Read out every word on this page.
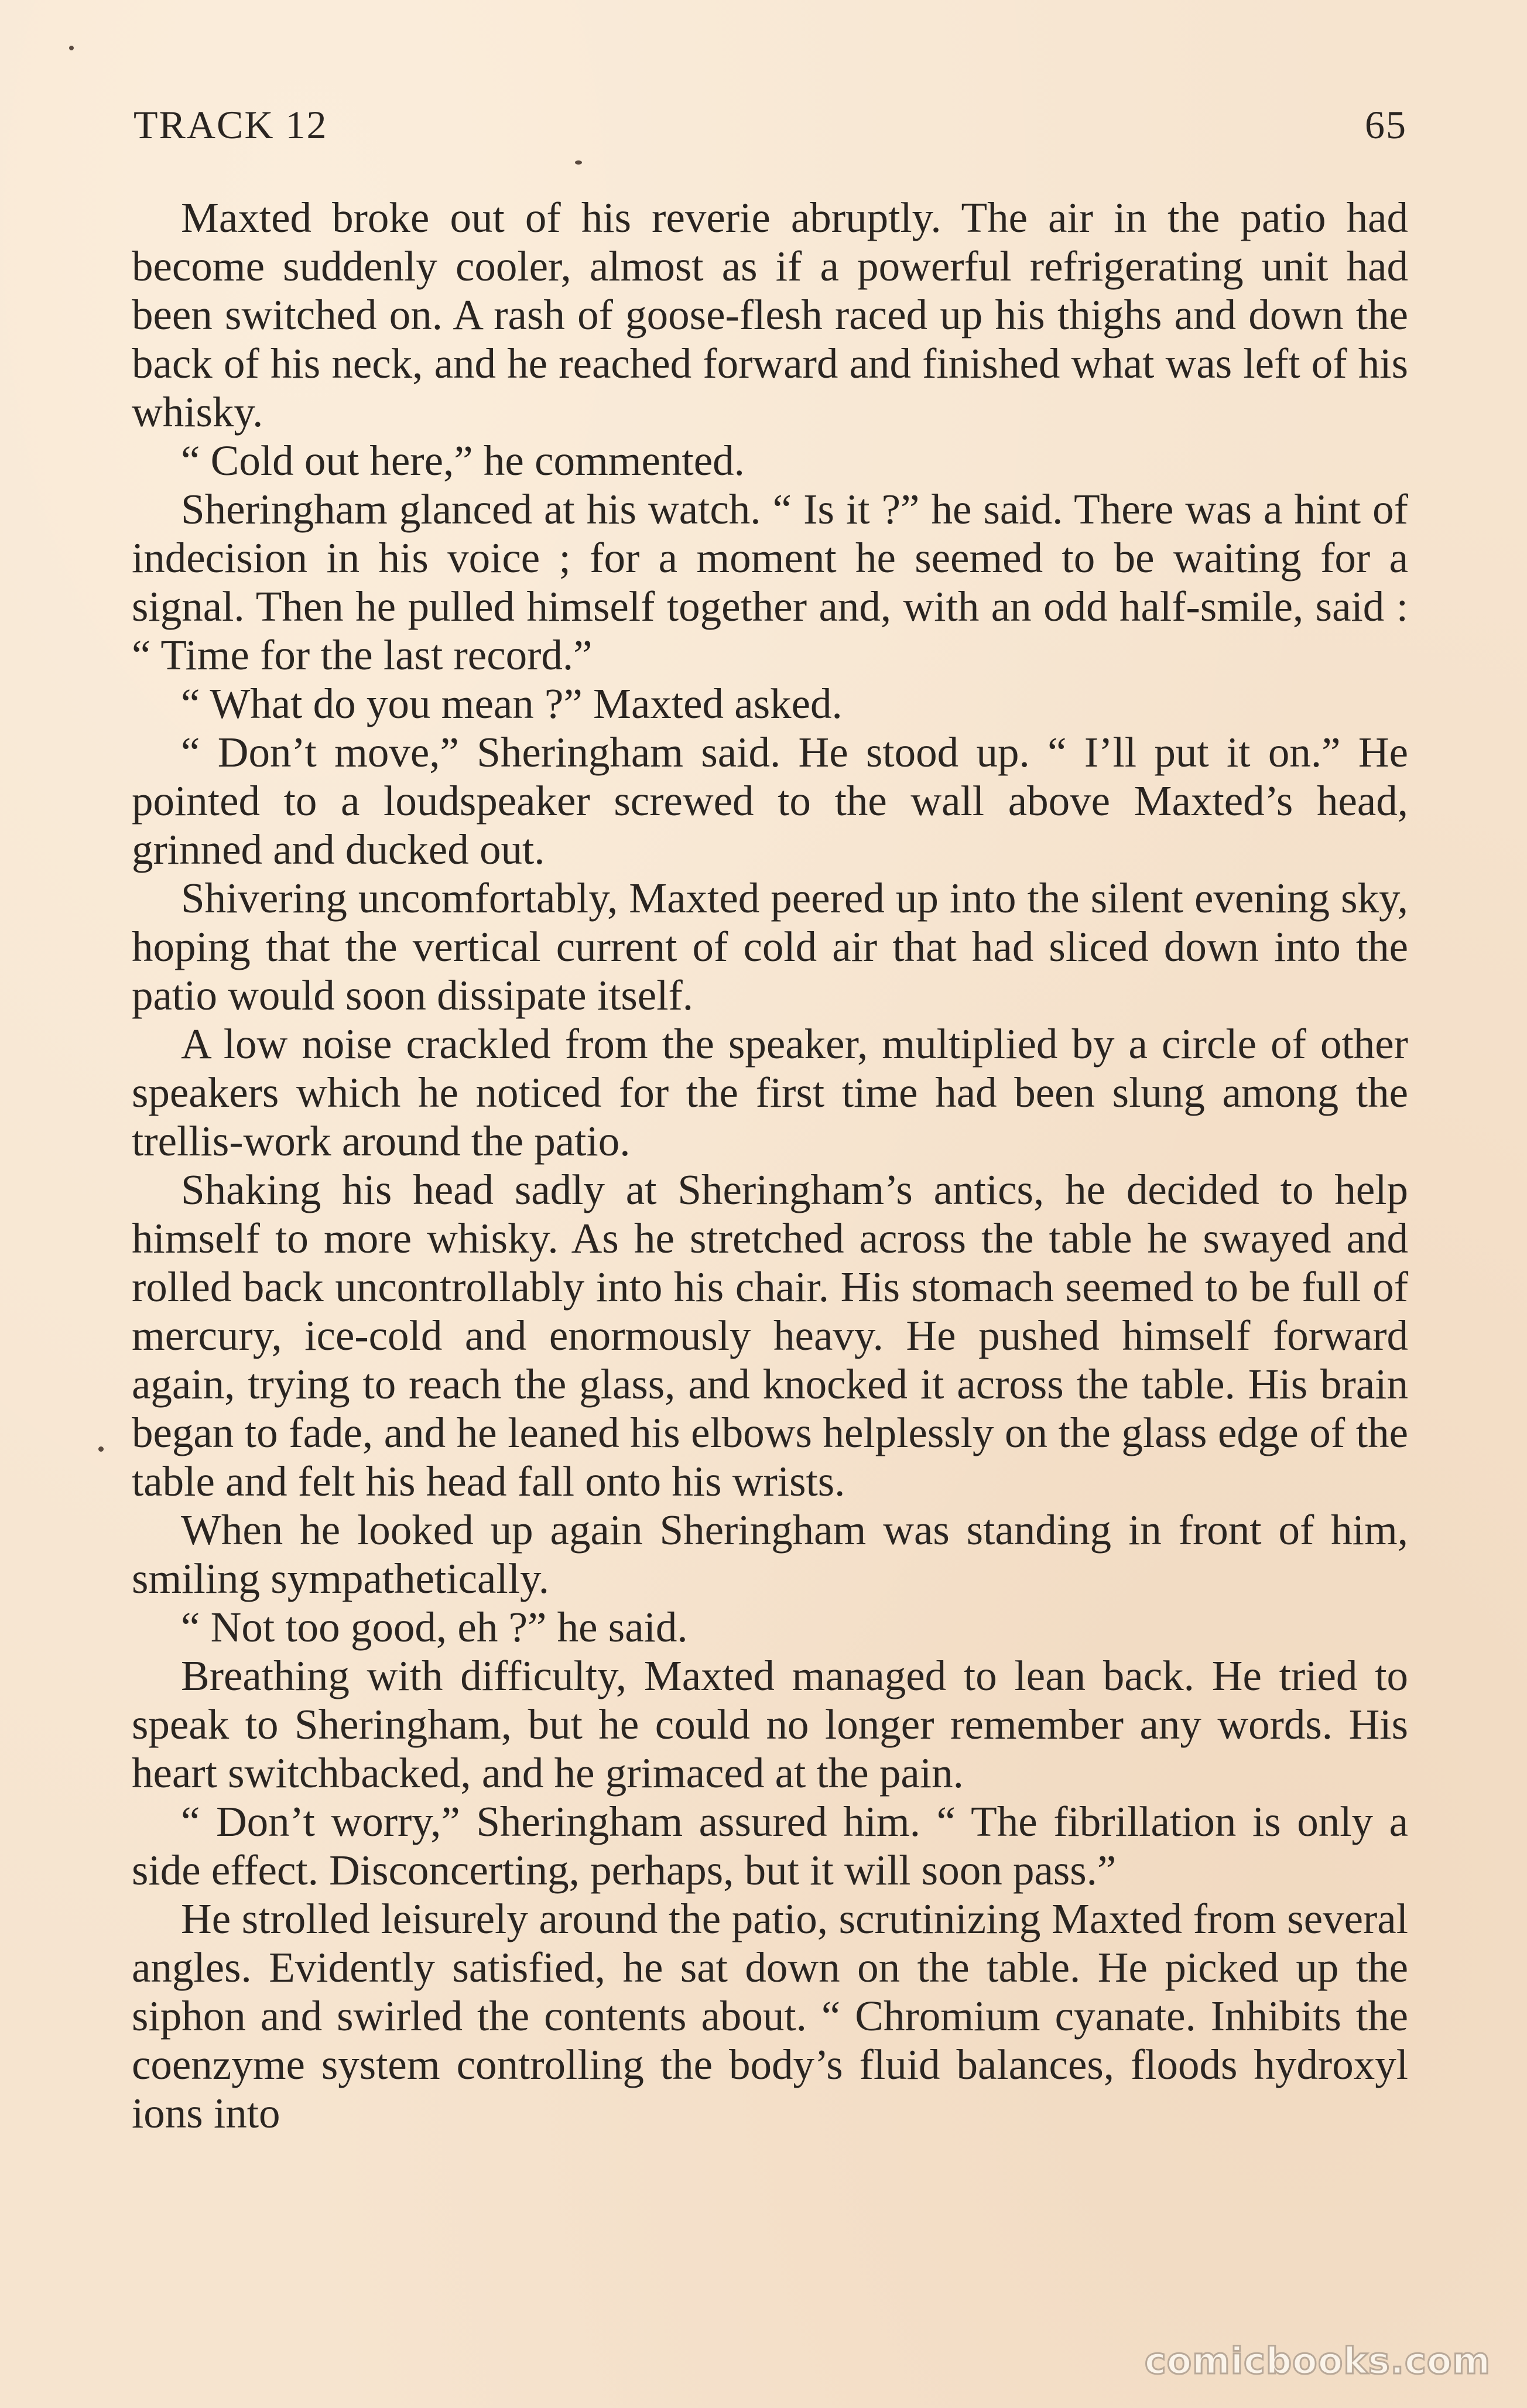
TRACK 12	65

Maxted broke out of his reverie abruptly. The air in the patio had become suddenly cooler, almost as if a powerful refrigerating unit had been switched on. A rash of goose-flesh raced up his thighs and down the back of his neck, and he reached forward and finished what was left of his whisky.

“ Cold out here,” he commented.

Sheringham glanced at his watch. “ Is it ?” he said. There was a hint of indecision in his voice ; for a moment he seemed to be waiting for a signal. Then he pulled himself together and, with an odd half-smile, said : “ Time for the last record.”

“ What do you mean ?” Maxted asked.

“ Don’t move,” Sheringham said. He stood up. “ I’ll put it on.” He pointed to a loudspeaker screwed to the wall above Maxted’s head, grinned and ducked out.

Shivering uncomfortably, Maxted peered up into the silent evening sky, hoping that the vertical current of cold air that had sliced down into the patio would soon dissipate itself.

A low noise crackled from the speaker, multiplied by a circle of other speakers which he noticed for the first time had been slung among the trellis-work around the patio.

Shaking his head sadly at Sheringham’s antics, he decided to help himself to more whisky. As he stretched across the table he swayed and rolled back uncontrollably into his chair. His stomach seemed to be full of mercury, ice-cold and enormously heavy. He pushed himself forward again, trying to reach the glass, and knocked it across the table. His brain began to fade, and he leaned his elbows helplessly on the glass edge of the table and felt his head fall onto his wrists.

When he looked up again Sheringham was standing in front of him, smiling sympathetically.

“ Not too good, eh ?” he said.

Breathing with difficulty, Maxted managed to lean back. He tried to speak to Sheringham, but he could no longer remember any words. His heart switchbacked, and he grimaced at the pain.

“ Don’t worry,” Sheringham assured him. “ The fibrillation is only a side effect. Disconcerting, perhaps, but it will soon pass.”

He strolled leisurely around the patio, scrutinizing Maxted from several angles. Evidently satisfied, he sat down on the table. He picked up the siphon and swirled the contents about. “ Chromium cyanate. Inhibits the coenzyme system controlling the body’s fluid balances, floods hydroxyl ions into

comicbooks.com
